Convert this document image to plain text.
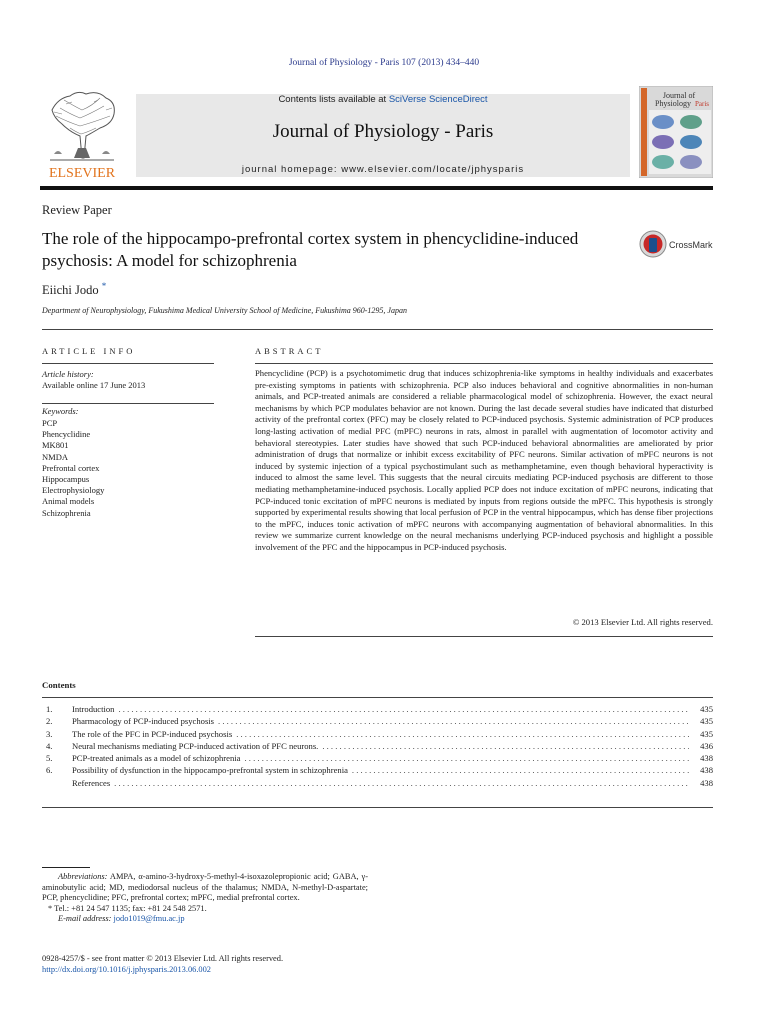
Journal of Physiology - Paris 107 (2013) 434–440
ELSEVIER
Contents lists available at SciVerse ScienceDirect
Journal of Physiology - Paris
journal homepage: www.elsevier.com/locate/jphysparis
Journal of
Physiology Paris
Review Paper
The role of the hippocampo-prefrontal cortex system in phencyclidine-induced psychosis: A model for schizophrenia
CrossMark
Eiichi Jodo *
Department of Neurophysiology, Fukushima Medical University School of Medicine, Fukushima 960-1295, Japan
ARTICLE INFO
Article history:
Available online 17 June 2013
Keywords:
PCP
Phencyclidine
MK801
NMDA
Prefrontal cortex
Hippocampus
Electrophysiology
Animal models
Schizophrenia
ABSTRACT
Phencyclidine (PCP) is a psychotomimetic drug that induces schizophrenia-like symptoms in healthy individuals and exacerbates pre-existing symptoms in patients with schizophrenia. PCP also induces behavioral and cognitive abnormalities in non-human animals, and PCP-treated animals are considered a reliable pharmacological model of schizophrenia. However, the exact neural mechanisms by which PCP modulates behavior are not known. During the last decade several studies have indicated that disturbed activity of the prefrontal cortex (PFC) may be closely related to PCP-induced psychosis. Systemic administration of PCP produces long-lasting activation of medial PFC (mPFC) neurons in rats, almost in parallel with augmentation of locomotor activity and behavioral stereotypies. Later studies have showed that such PCP-induced behavioral abnormalities are ameliorated by prior administration of drugs that normalize or inhibit excess excitability of PFC neurons. Similar activation of mPFC neurons is not induced by systemic injection of a typical psychostimulant such as methamphetamine, even though behavioral hyperactivity is induced to almost the same level. This suggests that the neural circuits mediating PCP-induced psychosis are different to those mediating methamphetamine-induced psychosis. Locally applied PCP does not induce excitation of mPFC neurons, indicating that PCP-induced tonic excitation of mPFC neurons is mediated by inputs from regions outside the mPFC. This hypothesis is strongly supported by experimental results showing that local perfusion of PCP in the ventral hippocampus, which has dense fiber projections to the mPFC, induces tonic activation of mPFC neurons with accompanying augmentation of behavioral abnormalities. In this review we summarize current knowledge on the neural mechanisms underlying PCP-induced psychosis and highlight a possible involvement of the PFC and the hippocampus in PCP-induced psychosis.
© 2013 Elsevier Ltd. All rights reserved.
Contents
1.	Introduction . . .	435
2.	Pharmacology of PCP-induced psychosis . . .	435
3.	The role of the PFC in PCP-induced psychosis . . .	435
4.	Neural mechanisms mediating PCP-induced activation of PFC neurons. . . .	436
5.	PCP-treated animals as a model of schizophrenia . . .	438
6.	Possibility of dysfunction in the hippocampo-prefrontal system in schizophrenia . . .	438
References . . .	438
Abbreviations: AMPA, α-amino-3-hydroxy-5-methyl-4-isoxazolepropionic acid; GABA, γ-aminobutylic acid; MD, mediodorsal nucleus of the thalamus; NMDA, N-methyl-D-aspartate; PCP, phencyclidine; PFC, prefrontal cortex; mPFC, medial prefrontal cortex.
* Tel.: +81 24 547 1135; fax: +81 24 548 2571.
E-mail address: jodo1019@fmu.ac.jp
0928-4257/$ - see front matter © 2013 Elsevier Ltd. All rights reserved.
http://dx.doi.org/10.1016/j.jphysparis.2013.06.002
